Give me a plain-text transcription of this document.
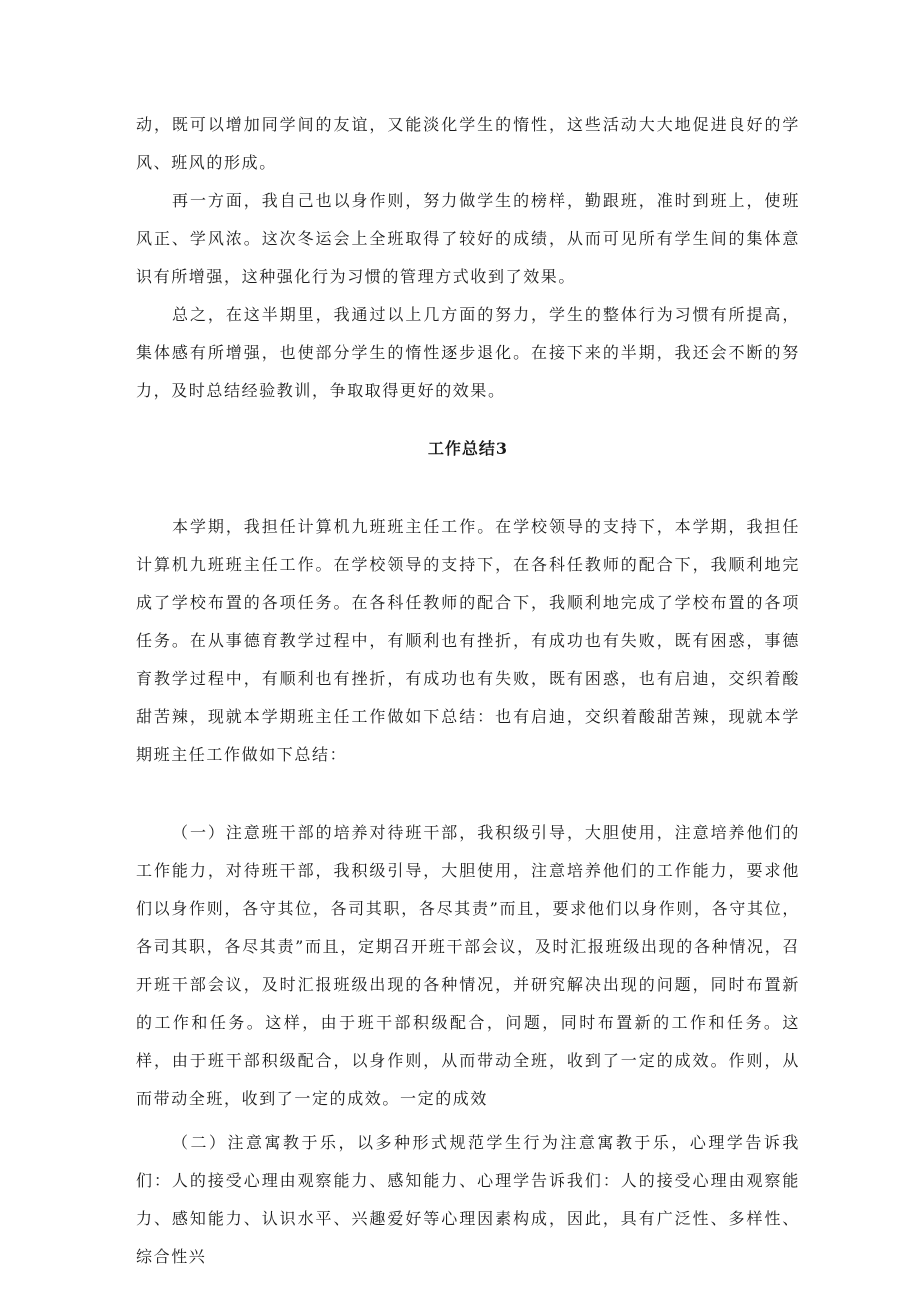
动，既可以增加同学间的友谊，又能淡化学生的惰性，这些活动大大地促进良好的学风、班风的形成。

再一方面，我自己也以身作则，努力做学生的榜样，勤跟班，准时到班上，使班风正、学风浓。这次冬运会上全班取得了较好的成绩，从而可见所有学生间的集体意识有所增强，这种强化行为习惯的管理方式收到了效果。

总之，在这半期里，我通过以上几方面的努力，学生的整体行为习惯有所提高，集体感有所增强，也使部分学生的惰性逐步退化。在接下来的半期，我还会不断的努力，及时总结经验教训，争取取得更好的效果。

工作总结3

本学期，我担任计算机九班班主任工作。在学校领导的支持下，本学期，我担任计算机九班班主任工作。在学校领导的支持下，在各科任教师的配合下，我顺利地完成了学校布置的各项任务。在各科任教师的配合下，我顺利地完成了学校布置的各项任务。在从事德育教学过程中，有顺利也有挫折，有成功也有失败，既有困惑，事德育教学过程中，有顺利也有挫折，有成功也有失败，既有困惑，也有启迪，交织着酸甜苦辣，现就本学期班主任工作做如下总结：也有启迪，交织着酸甜苦辣，现就本学期班主任工作做如下总结：

（一）注意班干部的培养对待班干部，我积级引导，大胆使用，注意培养他们的工作能力，对待班干部，我积级引导，大胆使用，注意培养他们的工作能力，要求他们以身作则，各守其位，各司其职，各尽其责”而且，要求他们以身作则，各守其位，各司其职，各尽其责”而且，定期召开班干部会议，及时汇报班级出现的各种情况，召开班干部会议，及时汇报班级出现的各种情况，并研究解决出现的问题，同时布置新的工作和任务。这样，由于班干部积级配合，问题，同时布置新的工作和任务。这样，由于班干部积级配合，以身作则，从而带动全班，收到了一定的成效。作则，从而带动全班，收到了一定的成效。一定的成效

（二）注意寓教于乐，以多种形式规范学生行为注意寓教于乐，心理学告诉我们：人的接受心理由观察能力、感知能力、心理学告诉我们：人的接受心理由观察能力、感知能力、认识水平、兴趣爱好等心理因素构成，因此，具有广泛性、多样性、综合性兴
